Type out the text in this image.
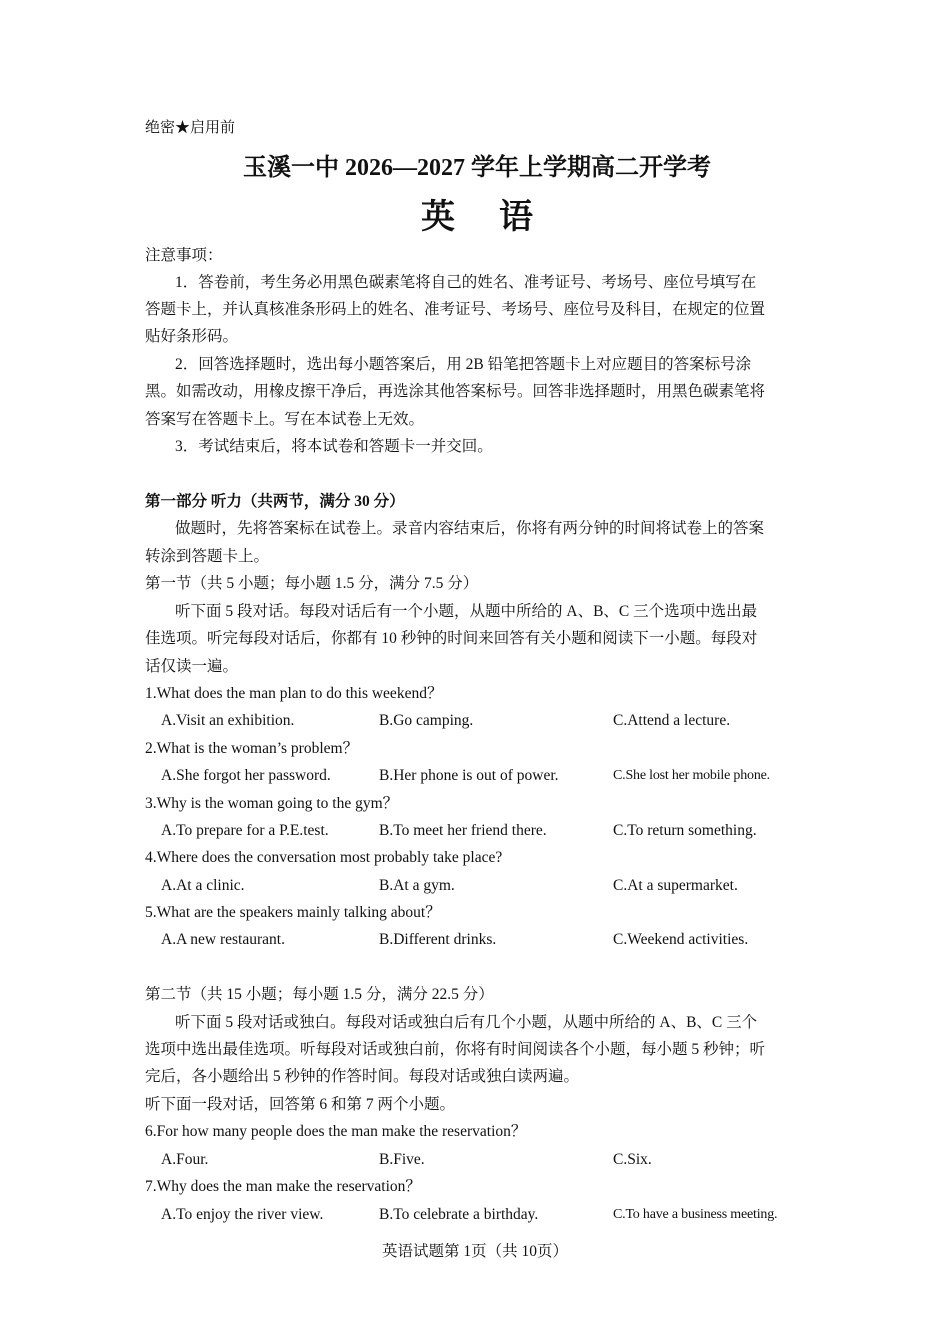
绝密★启用前
玉溪一中 2026—2027 学年上学期高二开学考
英语
注意事项：
1．答卷前，考生务必用黑色碳素笔将自己的姓名、准考证号、考场号、座位号填写在
答题卡上，并认真核准条形码上的姓名、准考证号、考场号、座位号及科目，在规定的位置
贴好条形码。
2．回答选择题时，选出每小题答案后，用 2B 铅笔把答题卡上对应题目的答案标号涂
黑。如需改动，用橡皮擦干净后，再选涂其他答案标号。回答非选择题时，用黑色碳素笔将
答案写在答题卡上。写在本试卷上无效。
3．考试结束后，将本试卷和答题卡一并交回。
第一部分 听力（共两节，满分 30 分）
做题时，先将答案标在试卷上。录音内容结束后，你将有两分钟的时间将试卷上的答案
转涂到答题卡上。
第一节（共 5 小题；每小题 1.5 分，满分 7.5 分）
听下面 5 段对话。每段对话后有一个小题，从题中所给的 A、B、C 三个选项中选出最
佳选项。听完每段对话后，你都有 10 秒钟的时间来回答有关小题和阅读下一小题。每段对
话仅读一遍。
1.What does the man plan to do this weekend？
A.Visit an exhibition.	B.Go camping.	C.Attend a lecture.
2.What is the woman’s problem？
A.She forgot her password.	B.Her phone is out of power.	C.She lost her mobile phone.
3.Why is the woman going to the gym？
A.To prepare for a P.E.test.	B.To meet her friend there.	C.To return something.
4.Where does the conversation most probably take place?
A.At a clinic.	B.At a gym.	C.At a supermarket.
5.What are the speakers mainly talking about？
A.A new restaurant.	B.Different drinks.	C.Weekend activities.
第二节（共 15 小题；每小题 1.5 分，满分 22.5 分）
听下面 5 段对话或独白。每段对话或独白后有几个小题，从题中所给的 A、B、C 三个
选项中选出最佳选项。听每段对话或独白前，你将有时间阅读各个小题，每小题 5 秒钟；听
完后，各小题给出 5 秒钟的作答时间。每段对话或独白读两遍。
听下面一段对话，回答第 6 和第 7 两个小题。
6.For how many people does the man make the reservation？
A.Four.	B.Five.	C.Six.
7.Why does the man make the reservation？
A.To enjoy the river view.	B.To celebrate a birthday.	C.To have a business meeting.
英语试题第 1页（共 10页）
